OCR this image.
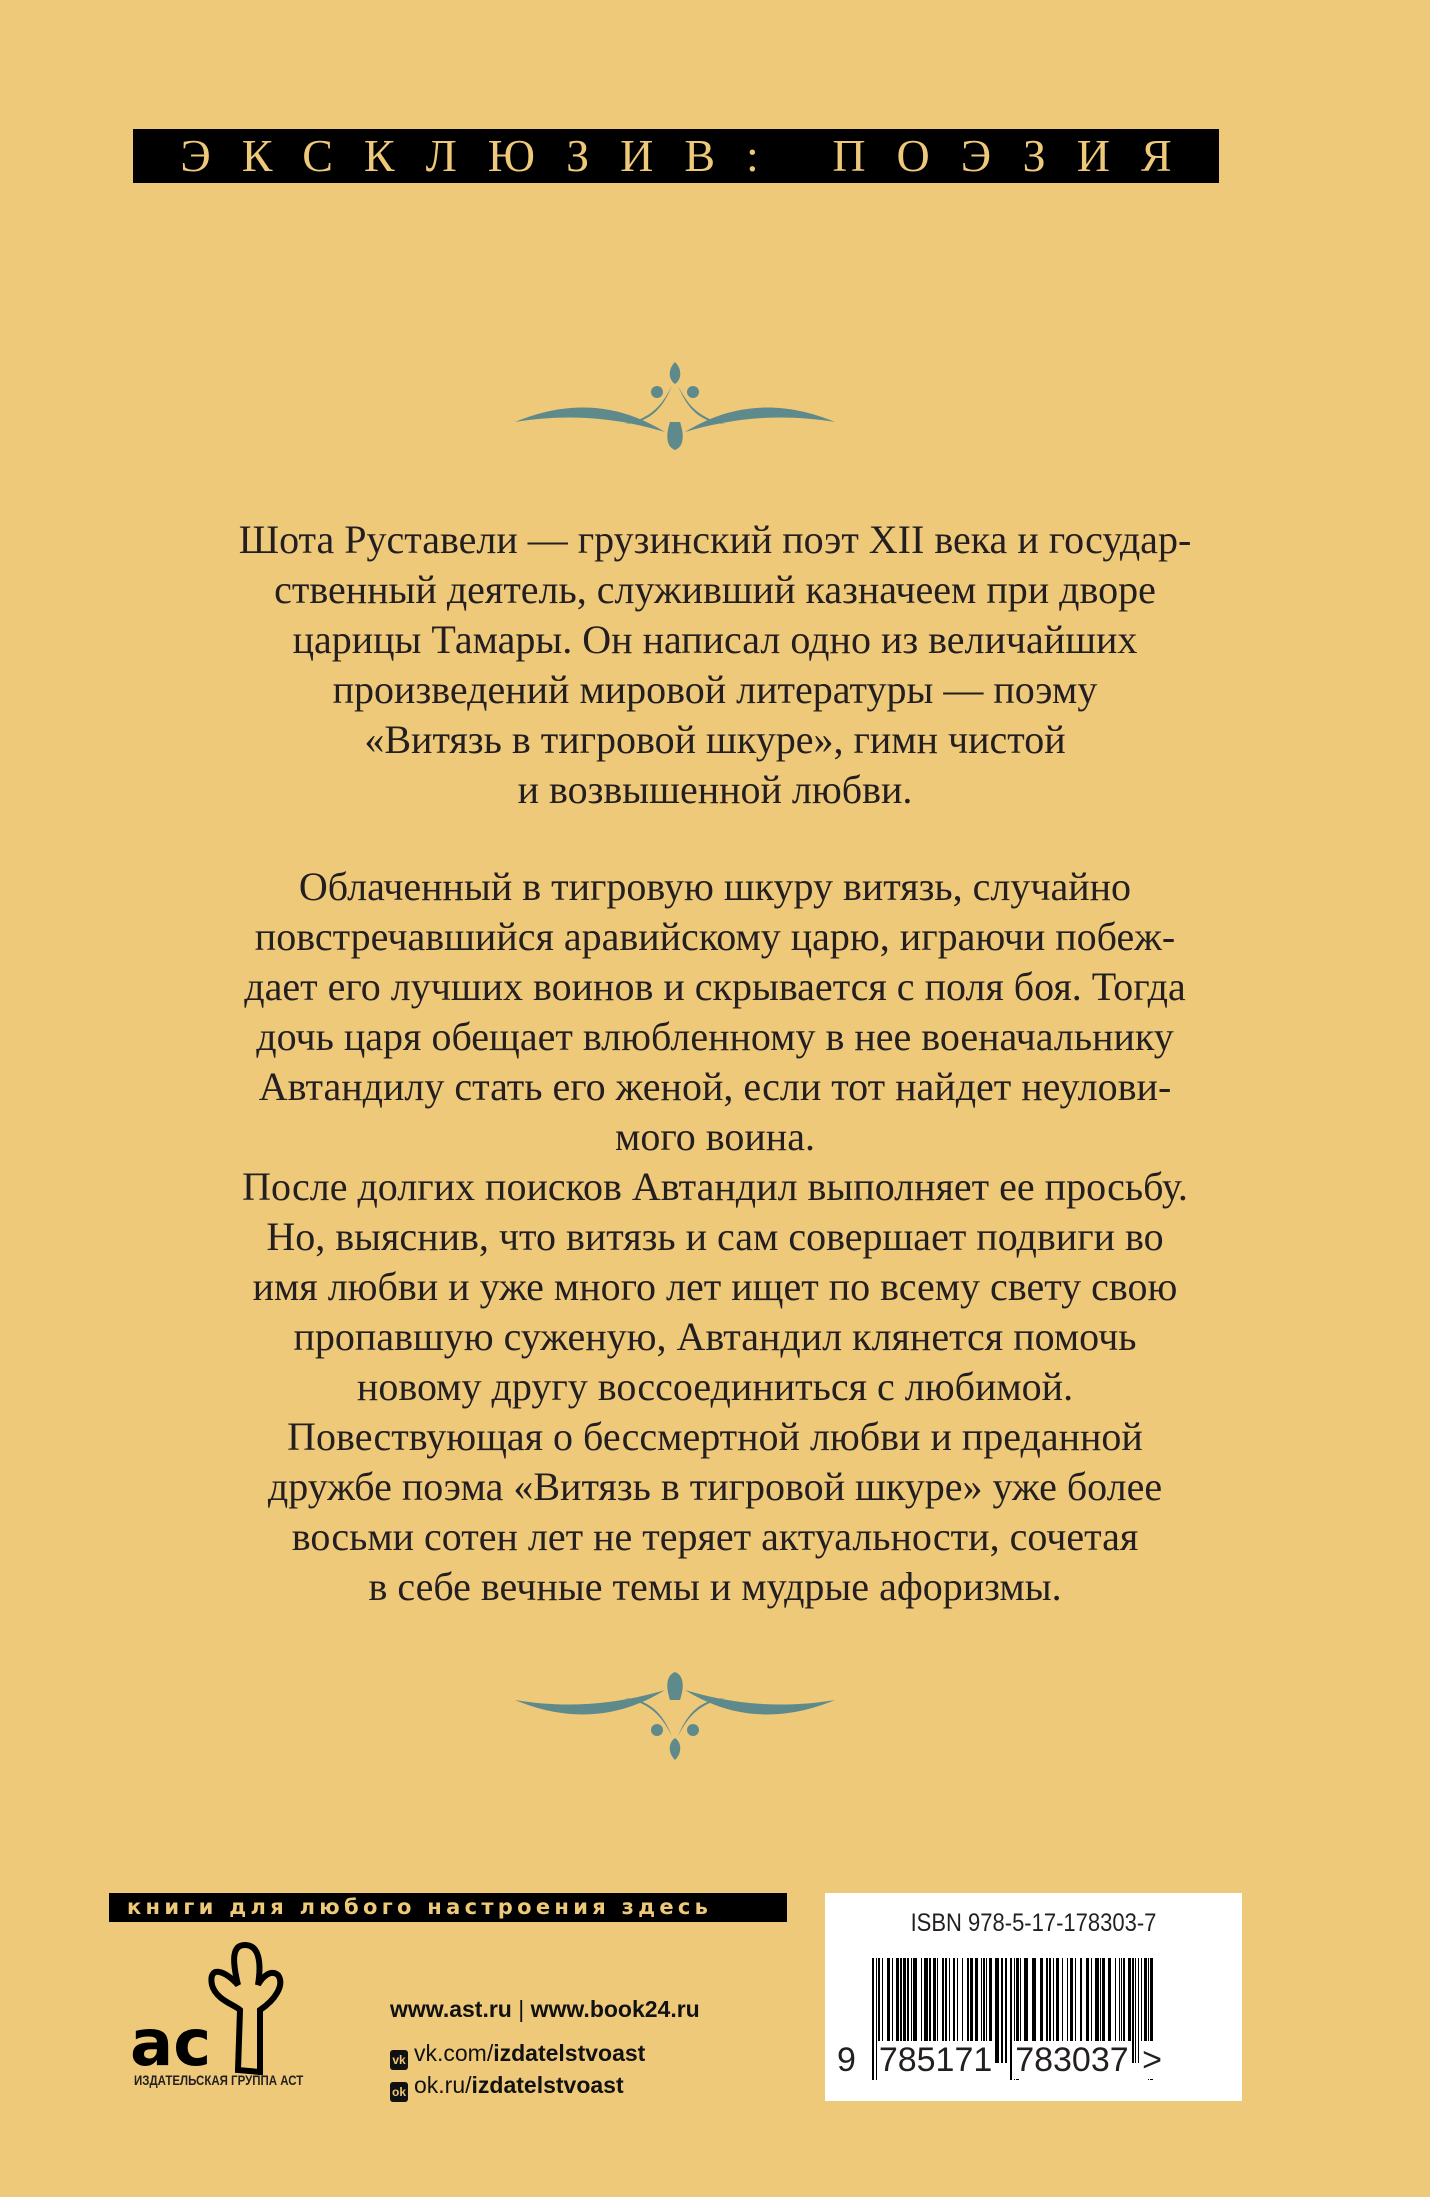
ЭКСКЛЮЗИВ: ПОЭЗИЯ
Шота Руставели — грузинский поэт XII века и государ-
ственный деятель, служивший казначеем при дворе
царицы Тамары. Он написал одно из величайших
произведений мировой литературы — поэму
«Витязь в тигровой шкуре», гимн чистой
и возвышенной любви.
Облаченный в тигровую шкуру витязь, случайно
повстречавшийся аравийскому царю, играючи побеж-
дает его лучших воинов и скрывается с поля боя. Тогда
дочь царя обещает влюбленному в нее военачальнику
Автандилу стать его женой, если тот найдет неулови-
мого воина.
После долгих поисков Автандил выполняет ее просьбу.
Но, выяснив, что витязь и сам совершает подвиги во
имя любви и уже много лет ищет по всему свету свою
пропавшую суженую, Автандил клянется помочь
новому другу воссоединиться с любимой.
Повествующая о бессмертной любви и преданной
дружбе поэма «Витязь в тигровой шкуре» уже более
восьми сотен лет не теряет актуальности, сочетая
в себе вечные темы и мудрые афоризмы.
книги для любого настроения здесь
ас
ИЗДАТЕЛЬСКАЯ ГРУППА АСТ
www.ast.ru | www.book24.ru
vk vk.com/izdatelstvoast
ok ok.ru/izdatelstvoast
ISBN 978-5-17-178303-7
9 785171 783037 >
